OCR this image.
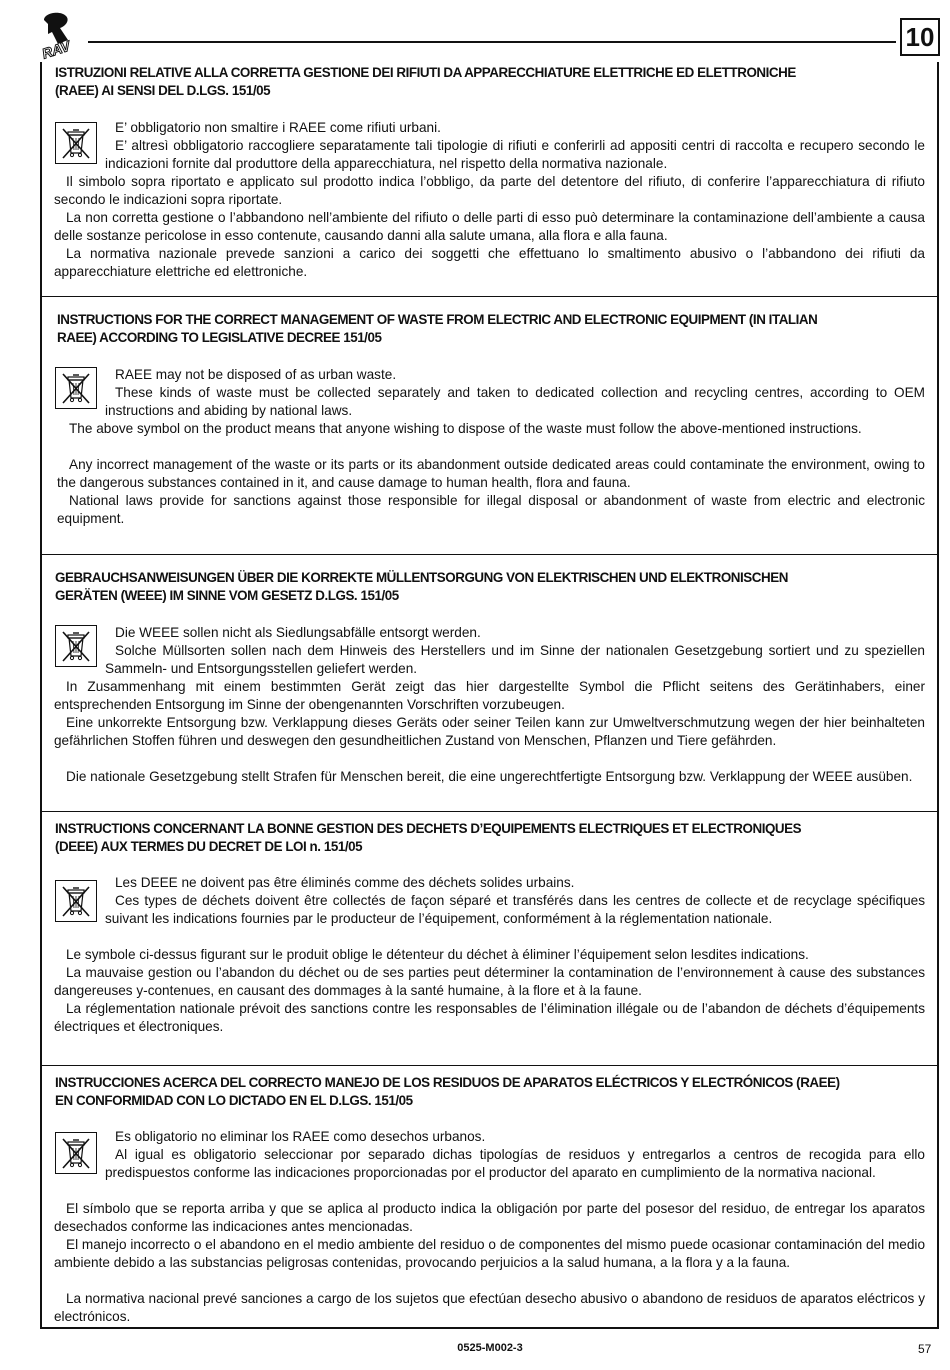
RAV	10
ISTRUZIONI RELATIVE ALLA CORRETTA GESTIONE DEI RIFIUTI DA APPARECCHIATURE ELETTRICHE ED ELETTRONICHE
(RAEE) AI SENSI DEL D.LGS. 151/05
E’ obbligatorio non smaltire i RAEE come rifiuti urbani.
E’ altresì obbligatorio raccogliere separatamente tali tipologie di rifiuti e conferirli ad appositi centri di raccolta e recupero secondo le indicazioni fornite dal produttore della apparecchiatura, nel rispetto della normativa nazionale.
Il simbolo sopra riportato e applicato sul prodotto indica l’obbligo, da parte del detentore del rifiuto, di conferire l’apparecchiatura di rifiuto secondo le indicazioni sopra riportate.
La non corretta gestione o l’abbandono nell’ambiente del rifiuto o delle parti di esso può determinare la contaminazione dell’ambiente a causa delle sostanze pericolose in esso contenute, causando danni alla salute umana, alla flora e alla fauna.
La normativa nazionale prevede sanzioni a carico dei soggetti che effettuano lo smaltimento abusivo o l’abbandono dei rifiuti da apparecchiature elettriche ed elettroniche.
INSTRUCTIONS FOR THE CORRECT MANAGEMENT OF WASTE FROM ELECTRIC AND ELECTRONIC EQUIPMENT (IN ITALIAN
RAEE) ACCORDING TO LEGISLATIVE DECREE 151/05
RAEE may not be disposed of as urban waste.
These kinds of waste must be collected separately and taken to dedicated collection and recycling centres, according to OEM instructions and abiding by national laws.
The above symbol on the product means that anyone wishing to dispose of the waste must follow the above-mentioned instructions.
Any incorrect management of the waste or its parts or its abandonment outside dedicated areas could contaminate the environment, owing to the dangerous substances contained in it, and cause damage to human health, flora and fauna.
National laws provide for sanctions against those responsible for illegal disposal or abandonment of waste from electric and electronic equipment.
GEBRAUCHSANWEISUNGEN ÜBER DIE KORREKTE MÜLLENTSORGUNG VON ELEKTRISCHEN UND ELEKTRONISCHEN
GERÄTEN (WEEE) IM SINNE VOM GESETZ D.LGS. 151/05
Die WEEE sollen nicht als Siedlungsabfälle entsorgt werden.
Solche Müllsorten sollen nach dem Hinweis des Herstellers und im Sinne der nationalen Gesetzgebung sortiert und zu speziellen Sammeln- und Entsorgungsstellen geliefert werden.
In Zusammenhang mit einem bestimmten Gerät zeigt das hier dargestellte Symbol die Pflicht seitens des Gerätinhabers, einer entsprechenden Entsorgung im Sinne der obengenannten Vorschriften vorzubeugen.
Eine unkorrekte Entsorgung bzw. Verklappung dieses Geräts oder seiner Teilen kann zur Umweltverschmutzung wegen der hier beinhalteten gefährlichen Stoffen führen und deswegen den gesundheitlichen Zustand von Menschen, Pflanzen und Tiere gefährden.
Die nationale Gesetzgebung stellt Strafen für Menschen bereit, die eine ungerechtfertigte Entsorgung bzw. Verklappung der WEEE ausüben.
INSTRUCTIONS CONCERNANT LA BONNE GESTION DES DECHETS D’EQUIPEMENTS ELECTRIQUES ET ELECTRONIQUES
(DEEE) AUX TERMES DU DECRET DE LOI n. 151/05
Les DEEE ne doivent pas être éliminés comme des déchets solides urbains.
Ces types de déchets doivent être collectés de façon séparé et transférés dans les centres de collecte et de recyclage spécifiques suivant les indications fournies par le producteur de l’équipement, conformément à la réglementation nationale.
Le symbole ci-dessus figurant sur le produit oblige le détenteur du déchet à éliminer l’équipement selon lesdites indications.
La mauvaise gestion ou l’abandon du déchet ou de ses parties peut déterminer la contamination de l’environnement à cause des substances dangereuses y-contenues, en causant des dommages à la santé humaine, à la flore et à la faune.
La réglementation nationale prévoit des sanctions contre les responsables de l’élimination illégale ou de l’abandon de déchets d’équipements électriques et électroniques.
INSTRUCCIONES ACERCA DEL CORRECTO MANEJO DE LOS RESIDUOS DE APARATOS ELÉCTRICOS Y ELECTRÓNICOS (RAEE)
EN CONFORMIDAD CON LO DICTADO EN EL D.LGS. 151/05
Es obligatorio no eliminar los RAEE como desechos urbanos.
Al igual es obligatorio seleccionar por separado dichas tipologías de residuos y entregarlos a centros de recogida para ello predispuestos conforme las indicaciones proporcionadas por el productor del aparato en cumplimiento de la normativa nacional.
El símbolo que se reporta arriba y que se aplica al producto indica la obligación por parte del posesor del residuo, de entregar los aparatos desechados conforme las indicaciones antes mencionadas.
El manejo incorrecto o el abandono en el medio ambiente del residuo o de componentes del mismo puede ocasionar contaminación del medio ambiente debido a las substancias peligrosas contenidas, provocando perjuicios a la salud humana, a la flora y a la fauna.
La normativa nacional prevé sanciones a cargo de los sujetos que efectúan desecho abusivo o abandono de residuos de aparatos eléctricos y electrónicos.
0525-M002-3	57
